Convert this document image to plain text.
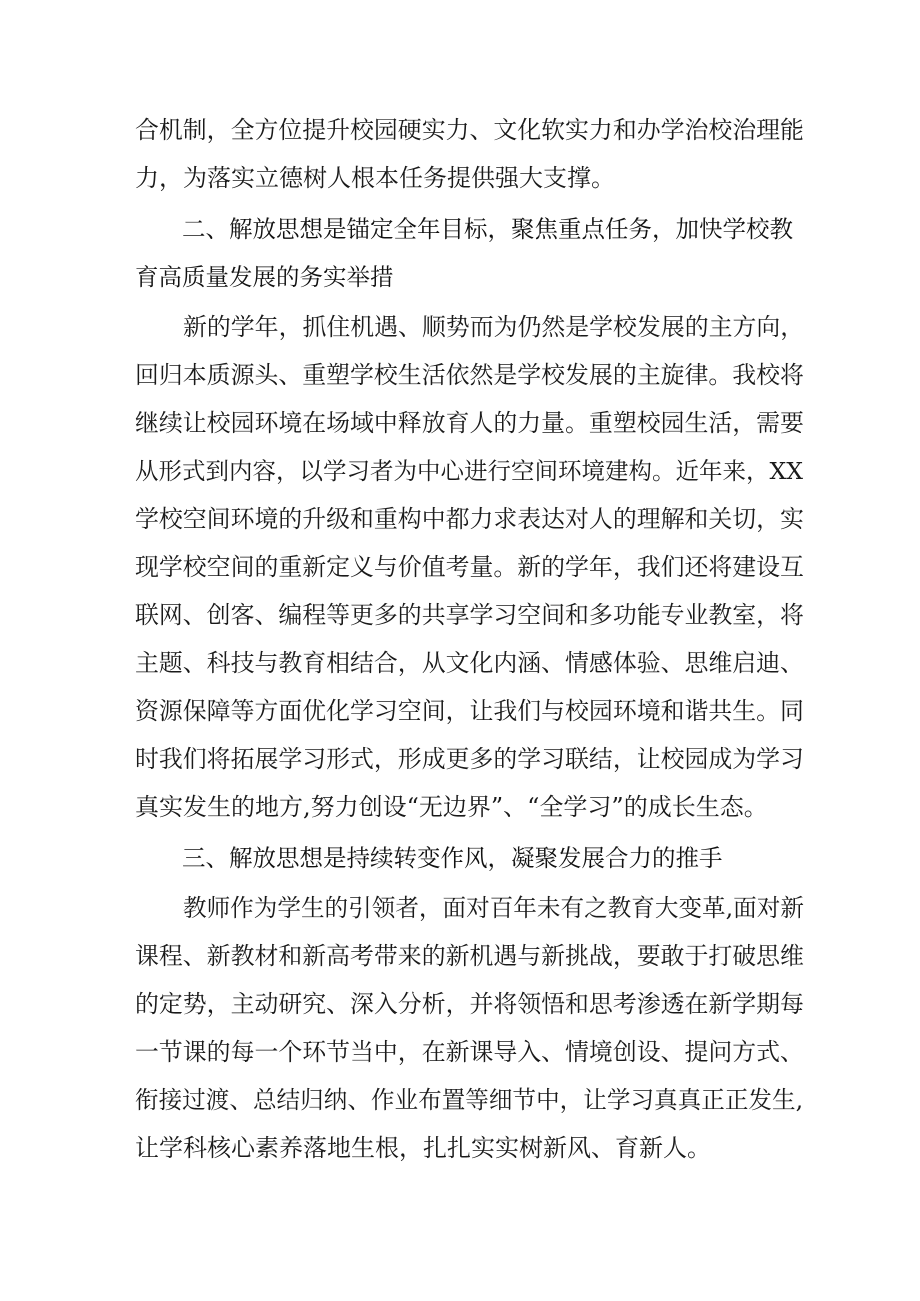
合机制，全方位提升校园硬实力、文化软实力和办学治校治理能
力，为落实立德树人根本任务提供强大支撑。
二、解放思想是锚定全年目标，聚焦重点任务，加快学校教
育高质量发展的务实举措
新的学年，抓住机遇、顺势而为仍然是学校发展的主方向，
回归本质源头、重塑学校生活依然是学校发展的主旋律。我校将
继续让校园环境在场域中释放育人的力量。重塑校园生活，需要
从形式到内容，以学习者为中心进行空间环境建构。近年来，XX
学校空间环境的升级和重构中都力求表达对人的理解和关切，实
现学校空间的重新定义与价值考量。新的学年，我们还将建设互
联网、创客、编程等更多的共享学习空间和多功能专业教室，将
主题、科技与教育相结合，从文化内涵、情感体验、思维启迪、
资源保障等方面优化学习空间，让我们与校园环境和谐共生。同
时我们将拓展学习形式，形成更多的学习联结，让校园成为学习
真实发生的地方,努力创设“无边界”、“全学习”的成长生态。
三、解放思想是持续转变作风，凝聚发展合力的推手
教师作为学生的引领者，面对百年未有之教育大变革,面对新
课程、新教材和新高考带来的新机遇与新挑战，要敢于打破思维
的定势，主动研究、深入分析，并将领悟和思考渗透在新学期每
一节课的每一个环节当中，在新课导入、情境创设、提问方式、
衔接过渡、总结归纳、作业布置等细节中，让学习真真正正发生,
让学科核心素养落地生根，扎扎实实树新风、育新人。
